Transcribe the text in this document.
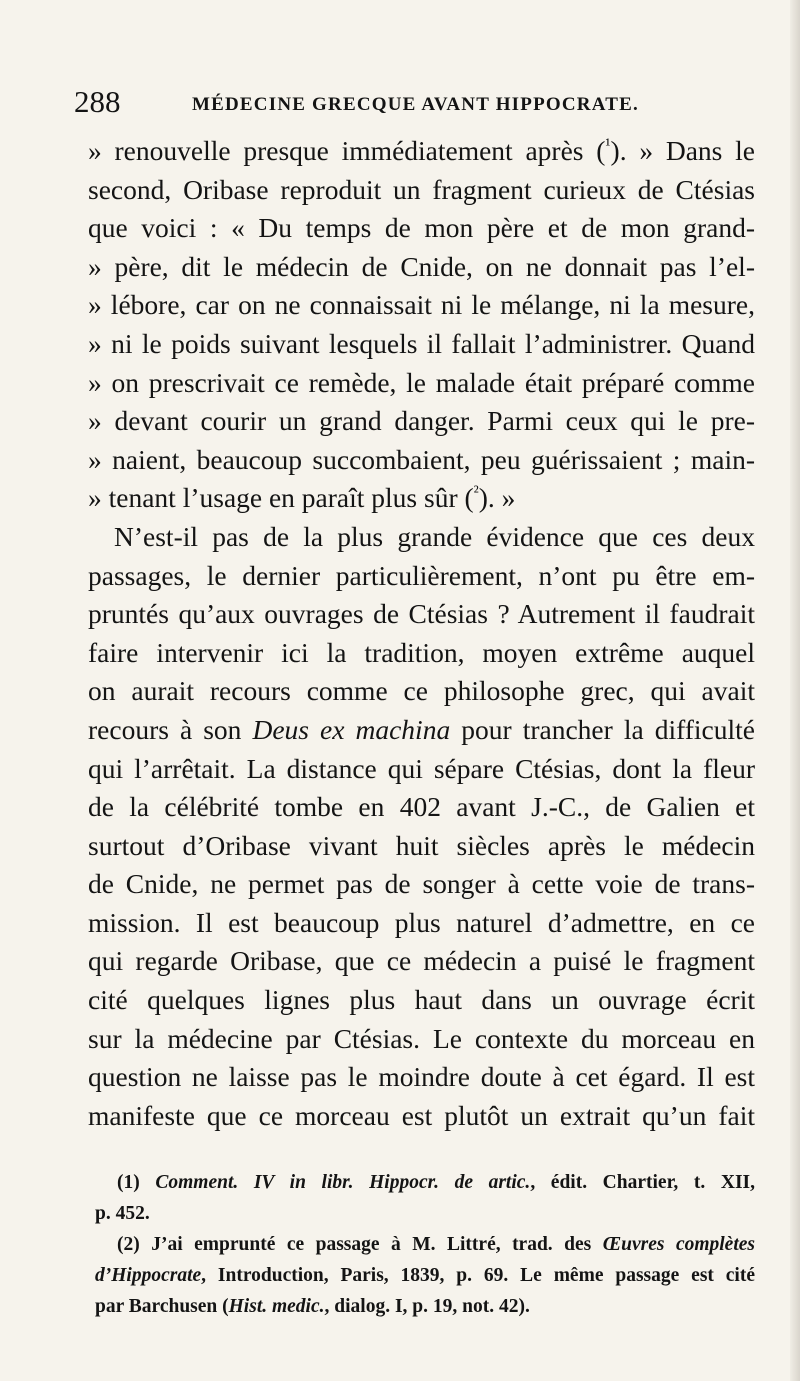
288	MÉDECINE GRECQUE AVANT HIPPOCRATE.
» renouvelle presque immédiatement après ($^{^1}$). » Dans le
second, Oribase reproduit un fragment curieux de Ctésias
que voici : « Du temps de mon père et de mon grand-
» père, dit le médecin de Cnide, on ne donnait pas l’el-
» lébore, car on ne connaissait ni le mélange, ni la mesure,
» ni le poids suivant lesquels il fallait l’administrer. Quand
» on prescrivait ce remède, le malade était préparé comme
» devant courir un grand danger. Parmi ceux qui le pre-
» naient, beaucoup succombaient, peu guérissaient ; main-
» tenant l’usage en paraît plus sûr ($^{^2}$). »
N’est-il pas de la plus grande évidence que ces deux
passages, le dernier particulièrement, n’ont pu être em-
pruntés qu’aux ouvrages de Ctésias ? Autrement il faudrait
faire intervenir ici la tradition, moyen extrême auquel
on aurait recours comme ce philosophe grec, qui avait
recours à son Deus ex machina pour trancher la difficulté
qui l’arrêtait. La distance qui sépare Ctésias, dont la fleur
de la célébrité tombe en 402 avant J.-C., de Galien et
surtout d’Oribase vivant huit siècles après le médecin
de Cnide, ne permet pas de songer à cette voie de trans-
mission. Il est beaucoup plus naturel d’admettre, en ce
qui regarde Oribase, que ce médecin a puisé le fragment
cité quelques lignes plus haut dans un ouvrage écrit
sur la médecine par Ctésias. Le contexte du morceau en
question ne laisse pas le moindre doute à cet égard. Il est
manifeste que ce morceau est plutôt un extrait qu’un fait
(1) Comment. IV in libr. Hippocr. de artic., édit. Chartier, t. XII,
p. 452.
(2) J’ai emprunté ce passage à M. Littré, trad. des Œuvres complètes
d’Hippocrate, Introduction, Paris, 1839, p. 69. Le même passage est cité
par Barchusen (Hist. medic., dialog. I, p. 19, not. 42).
